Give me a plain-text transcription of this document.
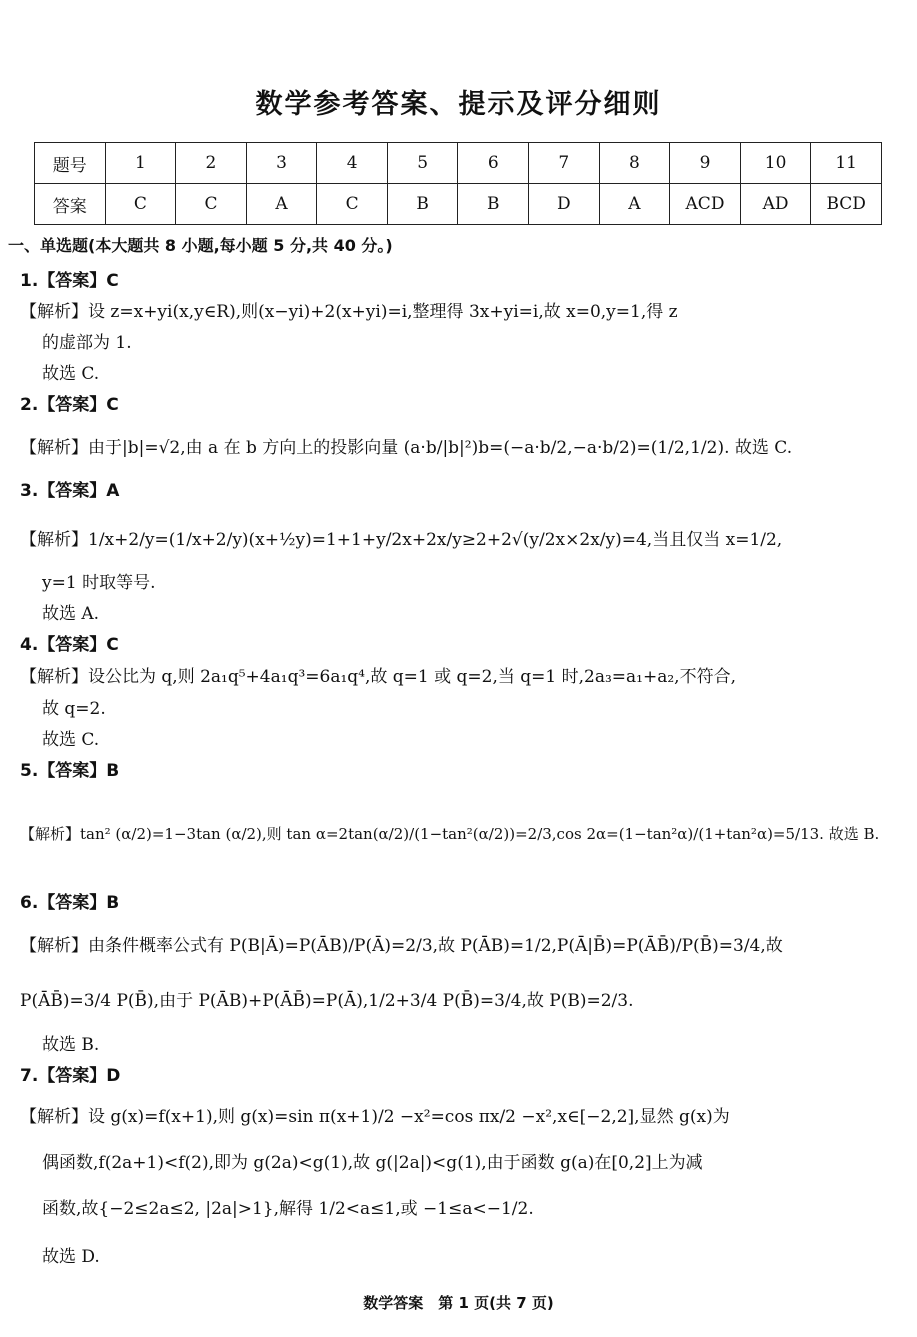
数学参考答案、提示及评分细则
题号	1	2	3	4	5	6	7	8	9	10	11
答案	C	C	A	C	B	B	D	A	ACD	AD	BCD
一、单选题(本大题共 8 小题,每小题 5 分,共 40 分。)
1.【答案】C
【解析】设 z=x+yi(x,y∈R),则(x−yi)+2(x+yi)=i,整理得 3x+yi=i,故 x=0,y=1,得 z
的虚部为 1.
故选 C.
2.【答案】C
【解析】由于|b|=√2,由 a 在 b 方向上的投影向量 (a·b/|b|²)b=(−a·b/2,−a·b/2)=(1/2,1/2). 故选 C.
3.【答案】A
【解析】1/x+2/y=(1/x+2/y)(x+½y)=1+1+y/2x+2x/y≥2+2√(y/2x×2x/y)=4,当且仅当 x=1/2,
y=1 时取等号.
故选 A.
4.【答案】C
【解析】设公比为 q,则 2a₁q⁵+4a₁q³=6a₁q⁴,故 q=1 或 q=2,当 q=1 时,2a₃=a₁+a₂,不符合,
故 q=2.
故选 C.
5.【答案】B
【解析】tan² (α/2)=1−3tan (α/2),则 tan α=2tan(α/2)/(1−tan²(α/2))=2/3,cos 2α=(1−tan²α)/(1+tan²α)=5/13. 故选 B.
6.【答案】B
【解析】由条件概率公式有 P(B|Ā)=P(ĀB)/P(Ā)=2/3,故 P(ĀB)=1/2,P(Ā|B̄)=P(ĀB̄)/P(B̄)=3/4,故
P(ĀB̄)=3/4 P(B̄),由于 P(ĀB)+P(ĀB̄)=P(Ā),1/2+3/4 P(B̄)=3/4,故 P(B)=2/3.
故选 B.
7.【答案】D
【解析】设 g(x)=f(x+1),则 g(x)=sin π(x+1)/2 −x²=cos πx/2 −x²,x∈[−2,2],显然 g(x)为
偶函数,f(2a+1)<f(2),即为 g(2a)<g(1),故 g(|2a|)<g(1),由于函数 g(a)在[0,2]上为减
函数,故{−2≤2a≤2, |2a|>1},解得 1/2<a≤1,或 −1≤a<−1/2.
故选 D.
数学答案　第 1 页(共 7 页)
